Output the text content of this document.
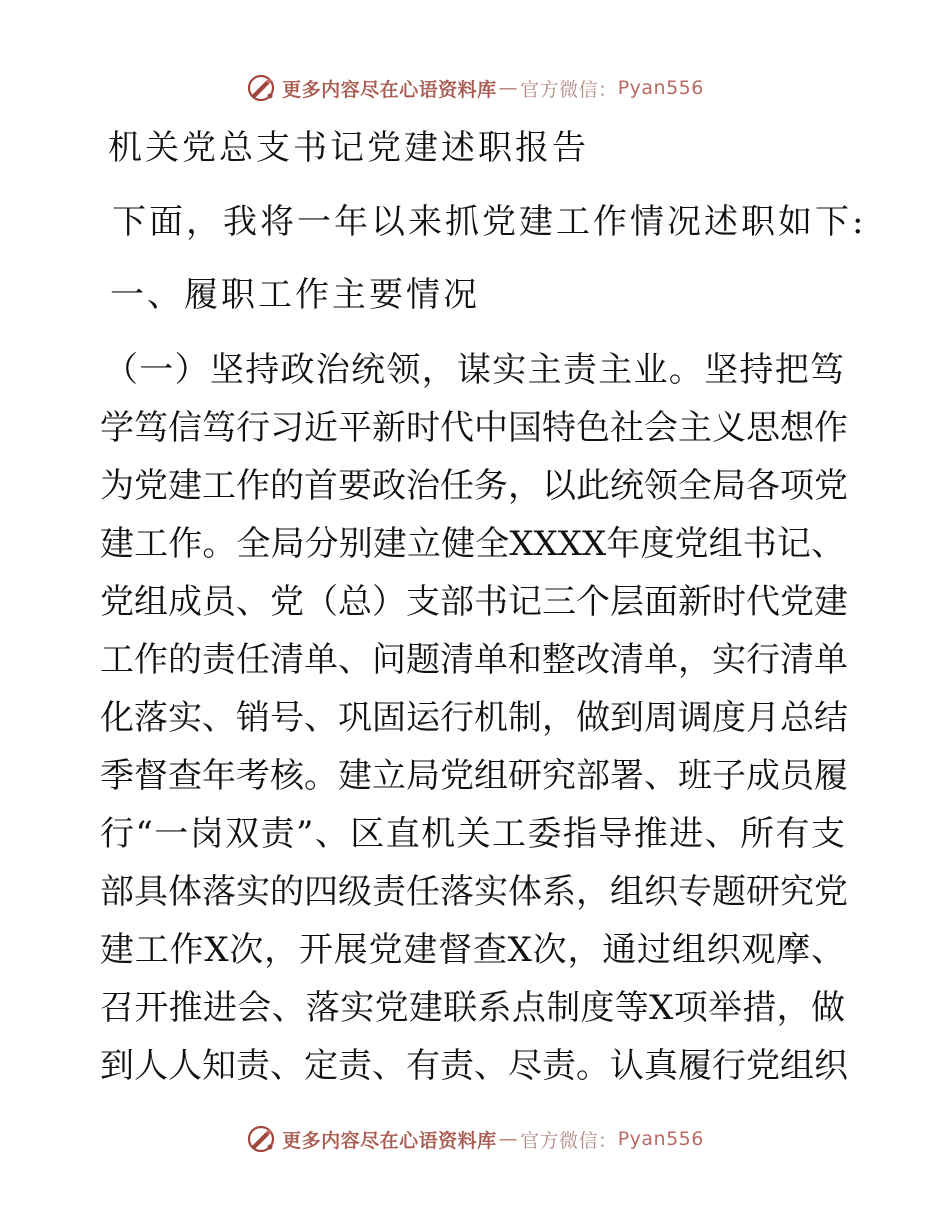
更多内容尽在心语资料库 — 官方微信： Pyan556
机关党总支书记党建述职报告
下面，我将一年以来抓党建工作情况述职如下:
一、履职工作主要情况
（一）坚持政治统领，谋实主责主业。坚持把笃
学笃信笃行习近平新时代中国特色社会主义思想作
为党建工作的首要政治任务，以此统领全局各项党
建工作。全局分别建立健全XXXX年度党组书记、
党组成员、党（总）支部书记三个层面新时代党建
工作的责任清单、问题清单和整改清单，实行清单
化落实、销号、巩固运行机制，做到周调度月总结
季督查年考核。建立局党组研究部署、班子成员履
行“一岗双责”、区直机关工委指导推进、所有支
部具体落实的四级责任落实体系，组织专题研究党
建工作X次，开展党建督查X次，通过组织观摩、
召开推进会、落实党建联系点制度等X项举措，做
到人人知责、定责、有责、尽责。认真履行党组织
更多内容尽在心语资料库 — 官方微信： Pyan556
